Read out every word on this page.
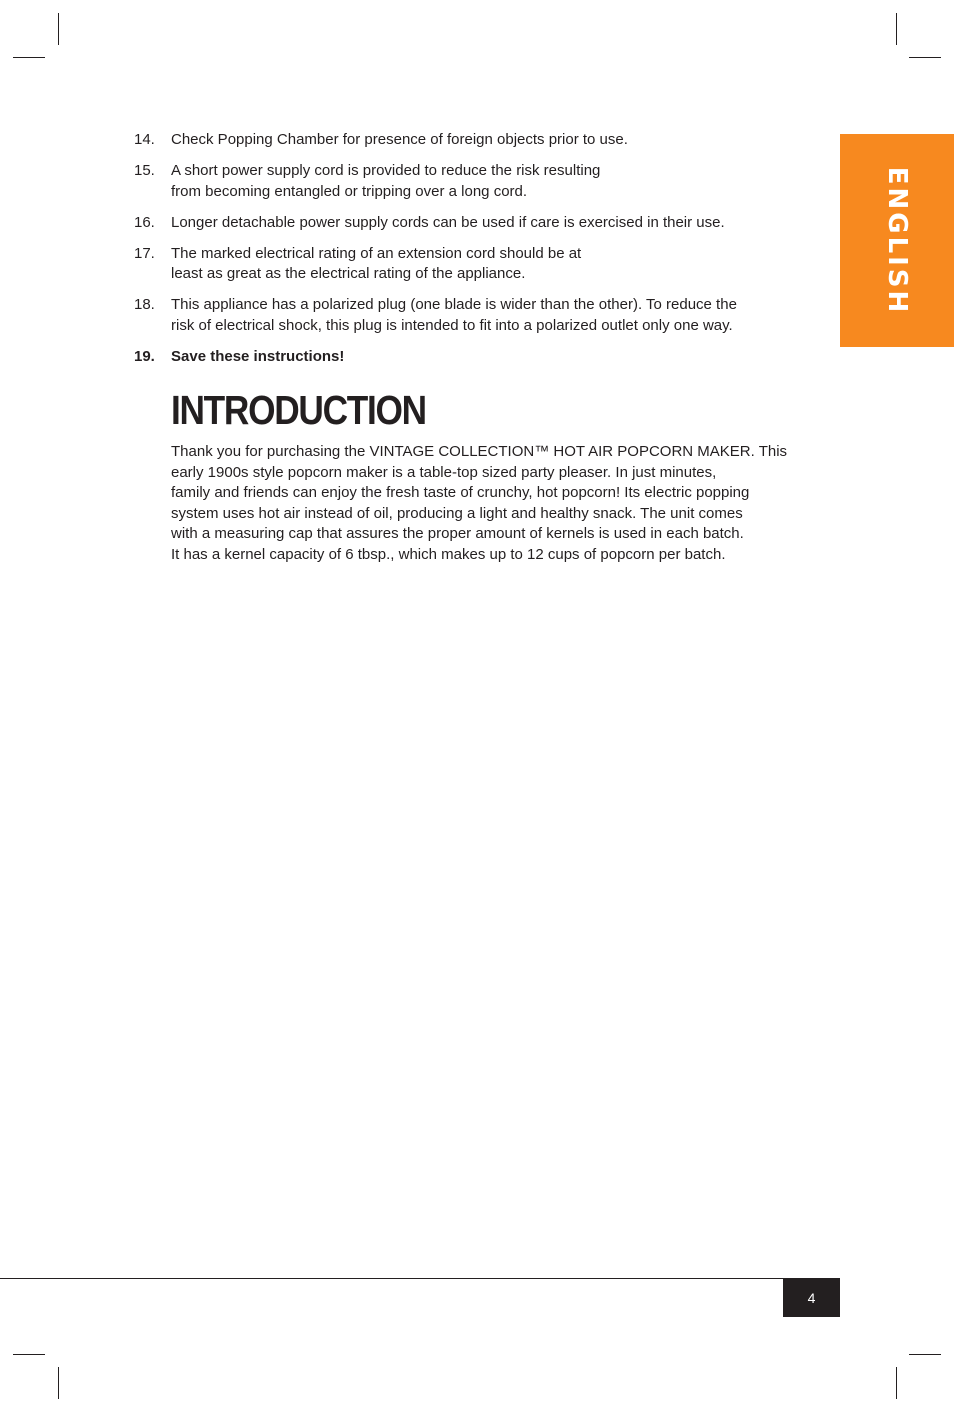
ENGLISH
14. Check Popping Chamber for presence of foreign objects prior to use.
15. A short power supply cord is provided to reduce the risk resulting
from becoming entangled or tripping over a long cord.
16. Longer detachable power supply cords can be used if care is exercised in their use.
17. The marked electrical rating of an extension cord should be at
least as great as the electrical rating of the appliance.
18. This appliance has a polarized plug (one blade is wider than the other). To reduce the
risk of electrical shock, this plug is intended to ﬁt into a polarized outlet only one way.
19. Save these instructions!
INTRODUCTION

Thank you for purchasing the VINTAGE COLLECTION™ HOT AIR POPCORN MAKER. This
early 1900s style popcorn maker is a table-top sized party pleaser. In just minutes,
family and friends can enjoy the fresh taste of crunchy, hot popcorn! Its electric popping
system uses hot air instead of oil, producing a light and healthy snack. The unit comes
with a measuring cap that assures the proper amount of kernels is used in each batch.
It has a kernel capacity of 6 tbsp., which makes up to 12 cups of popcorn per batch.

4
